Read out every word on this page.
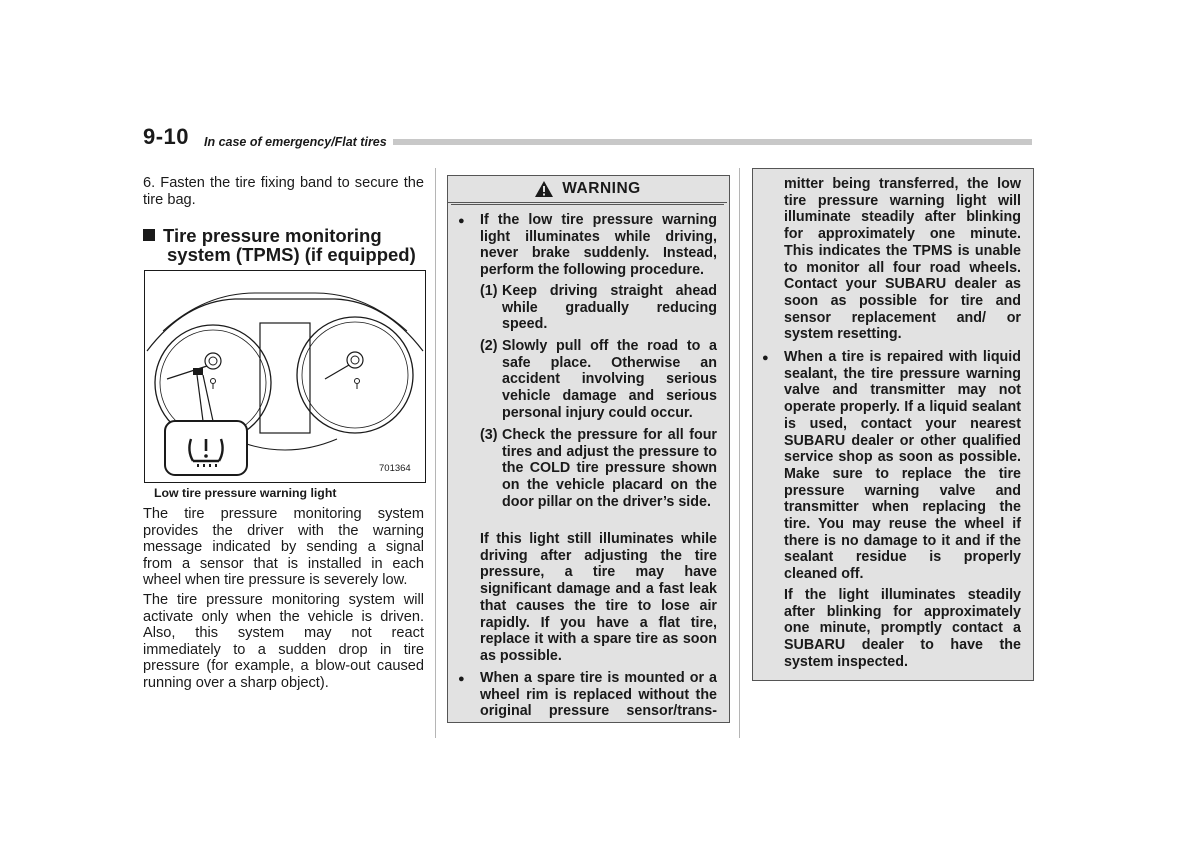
9-10	In case of emergency/Flat tires
6. Fasten the tire fixing band to secure the tire bag.
Tire pressure monitoring
system (TPMS) (if equipped)
701364
Low tire pressure warning light
The tire pressure monitoring system provides the driver with the warning message indicated by sending a signal from a sensor that is installed in each wheel when tire pressure is severely low.
The tire pressure monitoring system will activate only when the vehicle is driven. Also, this system may not react immediately to a sudden drop in tire pressure (for example, a blow-out caused running over a sharp object).
WARNING
● If the low tire pressure warning light illuminates while driving, never brake suddenly. Instead, perform the following procedure.
(1) Keep driving straight ahead while gradually reducing speed.
(2) Slowly pull off the road to a safe place. Otherwise an accident involving serious vehicle damage and serious personal injury could occur.
(3) Check the pressure for all four tires and adjust the pressure to the COLD tire pressure shown on the vehicle placard on the door pillar on the driver’s side.
If this light still illuminates while driving after adjusting the tire pressure, a tire may have significant damage and a fast leak that causes the tire to lose air rapidly. If you have a flat tire, replace it with a spare tire as soon as possible.
● When a spare tire is mounted or a wheel rim is replaced without the original pressure sensor/trans-
mitter being transferred, the low tire pressure warning light will illuminate steadily after blinking for approximately one minute. This indicates the TPMS is unable to monitor all four road wheels. Contact your SUBARU dealer as soon as possible for tire and sensor replacement and/ or system resetting.
● When a tire is repaired with liquid sealant, the tire pressure warning valve and transmitter may not operate properly. If a liquid sealant is used, contact your nearest SUBARU dealer or other qualified service shop as soon as possible. Make sure to replace the tire pressure warning valve and transmitter when replacing the tire. You may reuse the wheel if there is no damage to it and if the sealant residue is properly cleaned off.
If the light illuminates steadily after blinking for approximately one minute, promptly contact a SUBARU dealer to have the system inspected.
